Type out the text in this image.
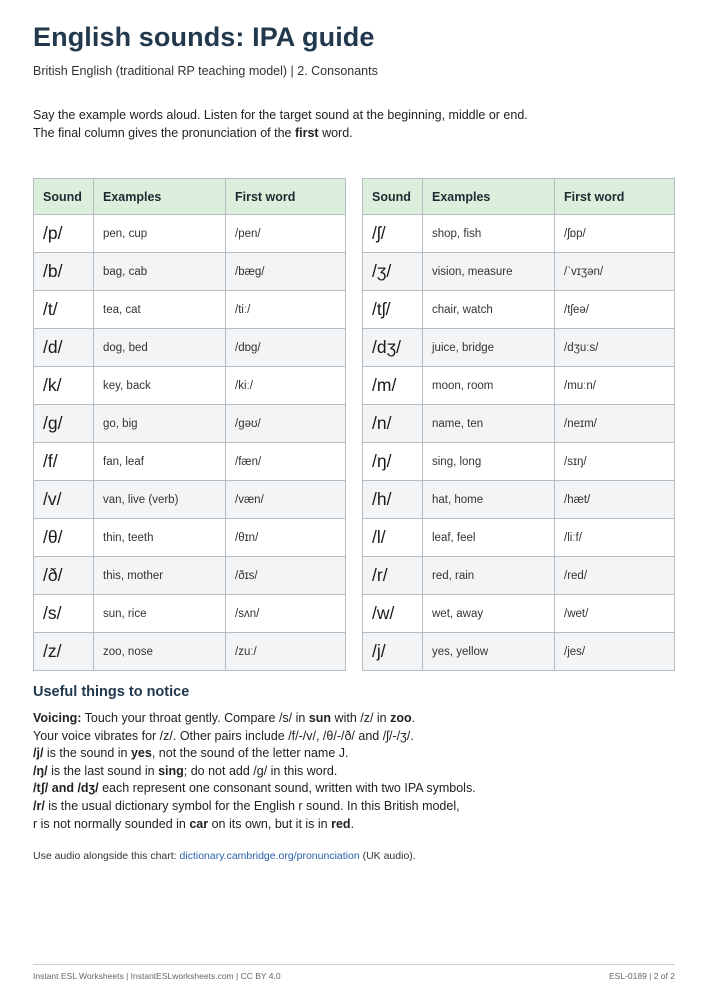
English sounds: IPA guide
British English (traditional RP teaching model) | 2. Consonants

Say the example words aloud. Listen for the target sound at the beginning, middle or end.

The final column gives the pronunciation of the first word.

Sound	Examples	First word
/p/	pen, cup	/pen/
/b/	bag, cab	/bæg/
/t/	tea, cat	/tiː/
/d/	dog, bed	/dɒg/
/k/	key, back	/kiː/
/g/	go, big	/gəʊ/
/f/	fan, leaf	/fæn/
/v/	van, live (verb)	/væn/
/θ/	thin, teeth	/θɪn/
/ð/	this, mother	/ðɪs/
/s/	sun, rice	/sʌn/
/z/	zoo, nose	/zuː/
Sound	Examples	First word
/ʃ/	shop, fish	/ʃɒp/
/ʒ/	vision, measure	/ˈvɪʒən/
/tʃ/	chair, watch	/tʃeə/
/dʒ/	juice, bridge	/dʒuːs/
/m/	moon, room	/muːn/
/n/	name, ten	/neɪm/
/ŋ/	sing, long	/sɪŋ/
/h/	hat, home	/hæt/
/l/	leaf, feel	/liːf/
/r/	red, rain	/red/
/w/	wet, away	/wet/
/j/	yes, yellow	/jes/
Useful things to notice

Voicing: Touch your throat gently. Compare /s/ in sun with /z/ in zoo.

Your voice vibrates for /z/. Other pairs include /f/-/v/, /θ/-/ð/ and /ʃ/-/ʒ/.

/j/ is the sound in yes, not the sound of the letter name J.

/ŋ/ is the last sound in sing; do not add /g/ in this word.

/tʃ/ and /dʒ/ each represent one consonant sound, written with two IPA symbols.

/r/ is the usual dictionary symbol for the English r sound. In this British model,

r is not normally sounded in car on its own, but it is in red.

Use audio alongside this chart: dictionary.cambridge.org/pronunciation (UK audio).
Instant ESL Worksheets | InstantESLworksheets.com | CC BY 4.0	ESL-0189 | 2 of 2
